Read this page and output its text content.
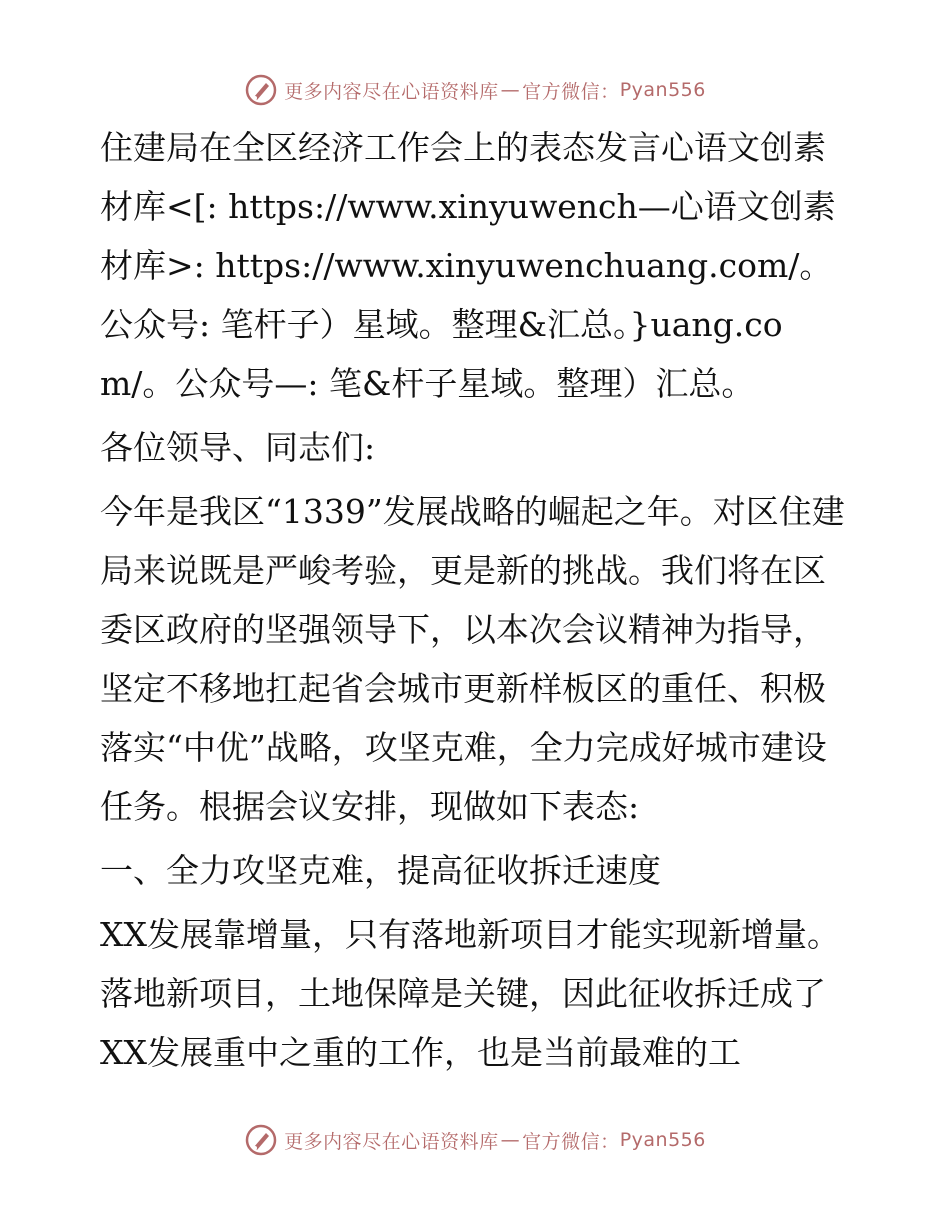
更多内容尽在心语资料库 — 官方微信： Pyan556

住建局在全区经济工作会上的表态发言心语文创素材库<[: https://www.xinyuwench—心语文创素材库>: https://www.xinyuwenchuang.com/。公众号: 笔杆子）星域。整理&汇总。}uang.com/。公众号—: 笔&杆子星域。整理）汇总。

各位领导、同志们:

今年是我区“1339”发展战略的崛起之年。对区住建局来说既是严峻考验，更是新的挑战。我们将在区委区政府的坚强领导下，以本次会议精神为指导，坚定不移地扛起省会城市更新样板区的重任、积极落实“中优”战略，攻坚克难，全力完成好城市建设任务。根据会议安排，现做如下表态:

一、全力攻坚克难，提高征收拆迁速度

XX发展靠增量，只有落地新项目才能实现新增量。落地新项目，土地保障是关键，因此征收拆迁成了XX发展重中之重的工作，也是当前最难的工

更多内容尽在心语资料库 — 官方微信： Pyan556
